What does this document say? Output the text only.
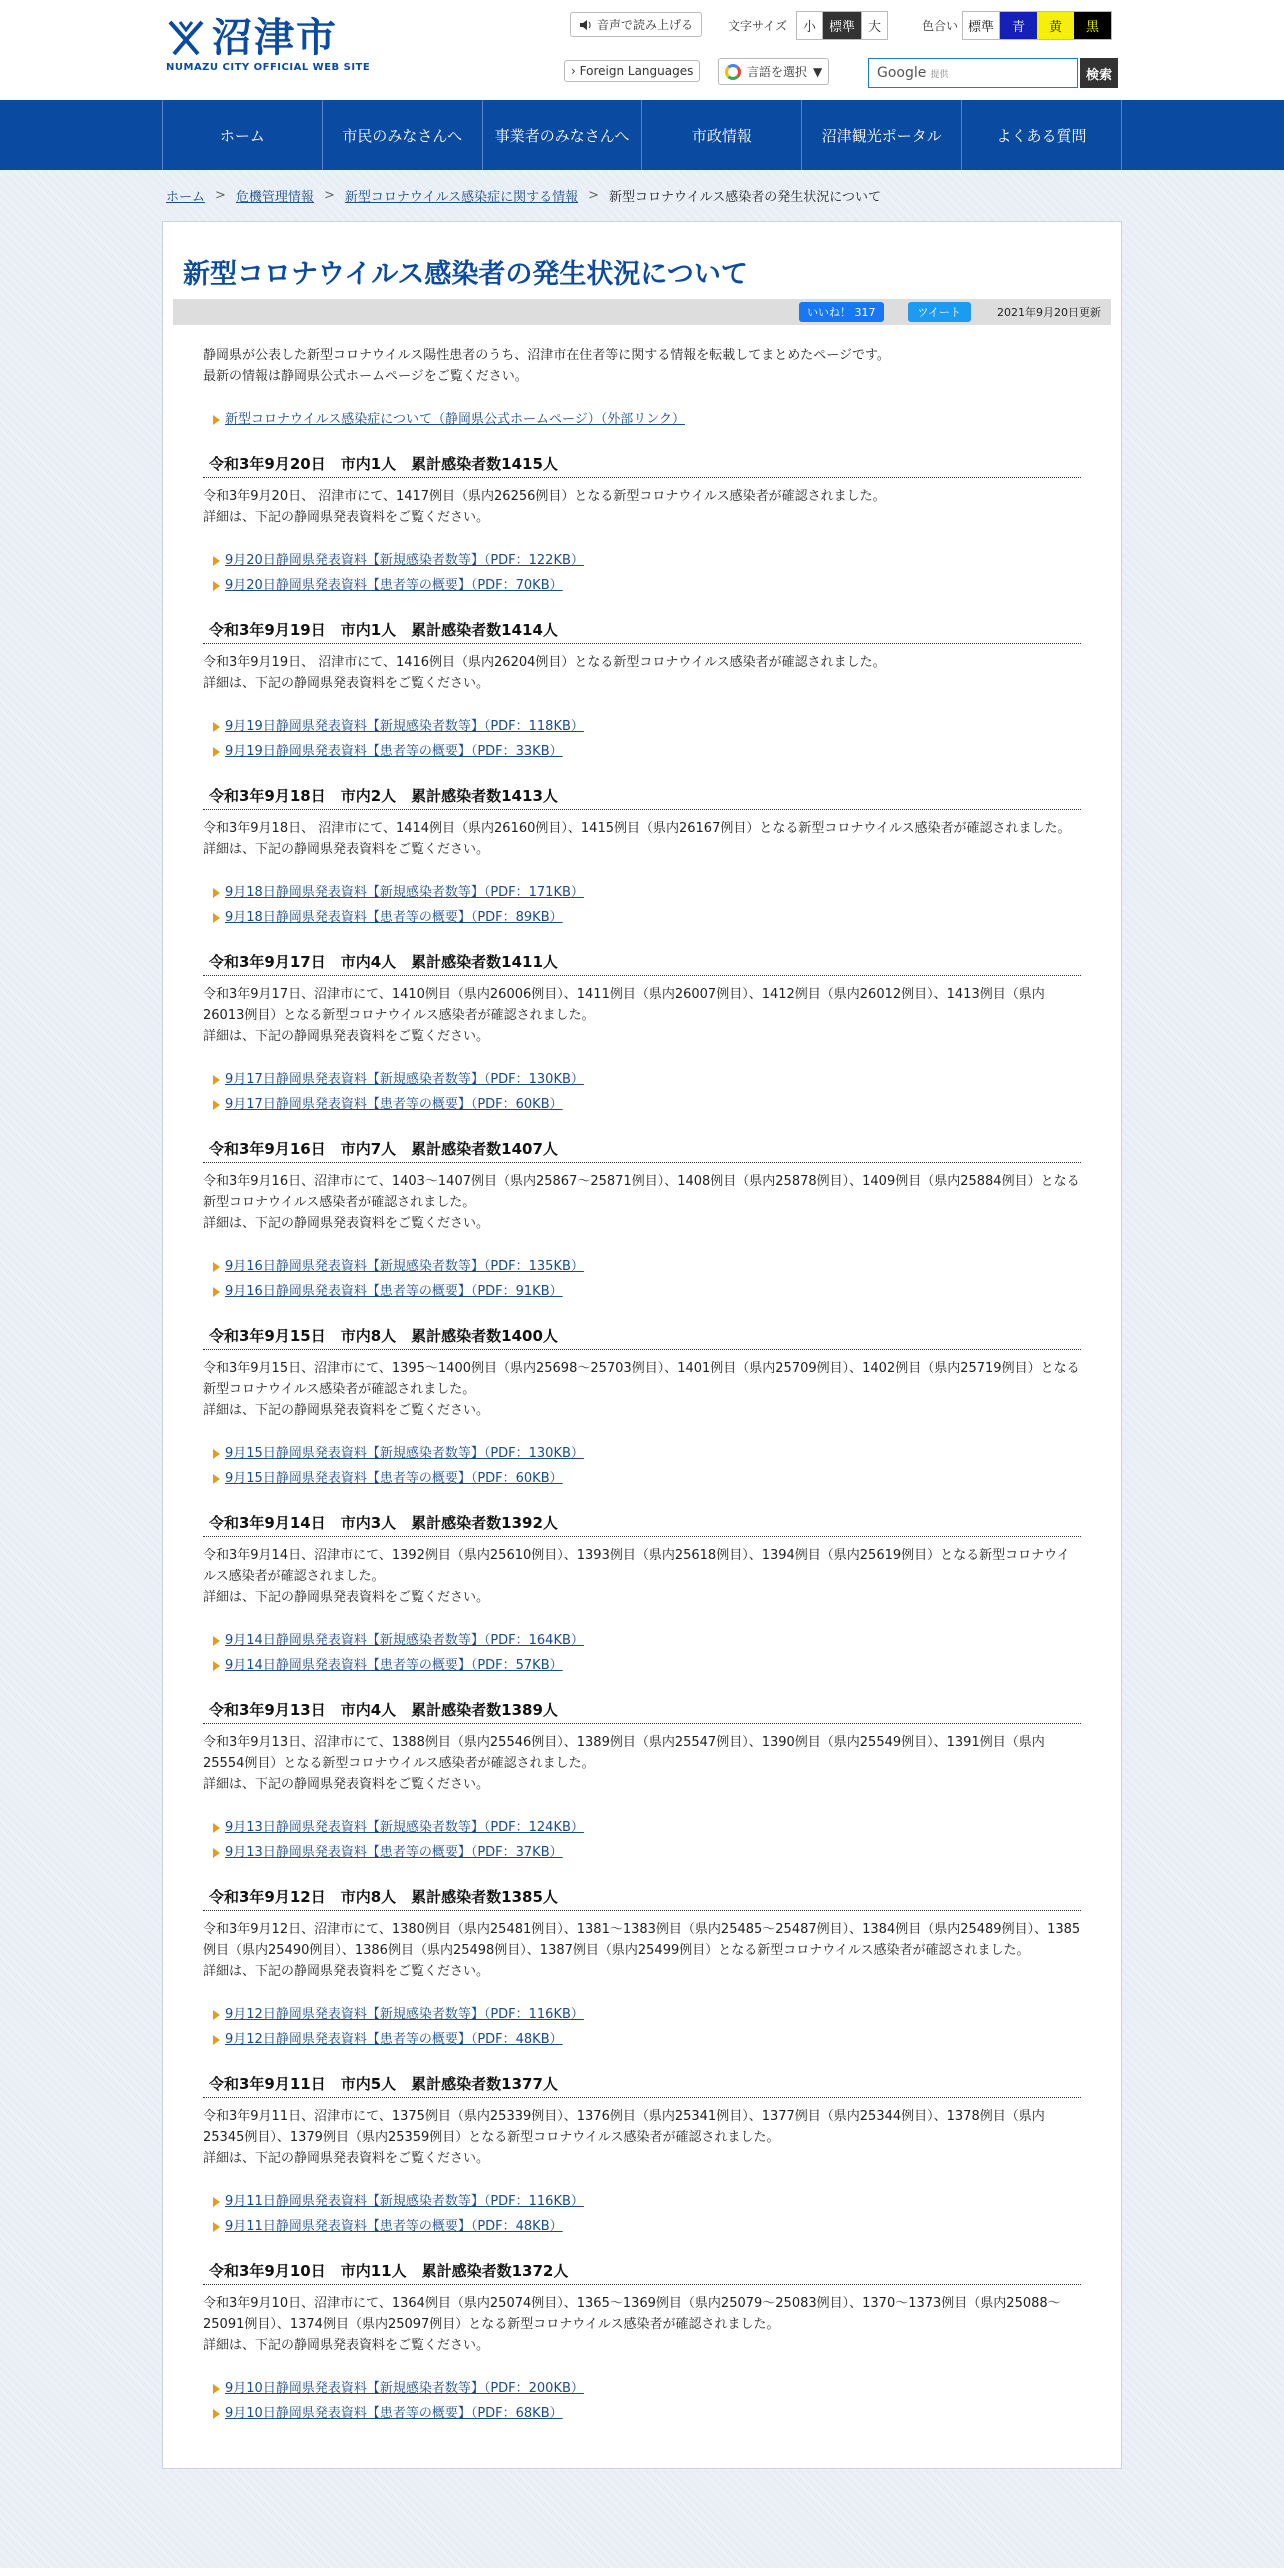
沼津市
NUMAZU CITY OFFICIAL WEB SITE
音声で読み上げる	文字サイズ	小	標準	大	色合い 標準	青	黄	黒
› Foreign Languages	言語を選択 ▼	Google 提供	検索
ホーム	市民のみなさんへ	事業者のみなさんへ	市政情報	沼津観光ポータル	よくある質問
ホーム > 危機管理情報 > 新型コロナウイルス感染症に関する情報 > 新型コロナウイルス感染者の発生状況について
新型コロナウイルス感染者の発生状況について
いいね！ 317	ツイート	2021年9月20日更新

静岡県が公表した新型コロナウイルス陽性患者のうち、沼津市在住者等に関する情報を転載してまとめたページです。

最新の情報は静岡県公式ホームページをご覧ください。

新型コロナウイルス感染症について（静岡県公式ホームページ）（外部リンク）
令和3年9月20日　市内1人　累計感染者数1415人

令和3年9月20日、 沼津市にて、1417例目（県内26256例目）となる新型コロナウイルス感染者が確認されました。

詳細は、下記の静岡県発表資料をご覧ください。

9月20日静岡県発表資料【新規感染者数等】（PDF：122KB）
9月20日静岡県発表資料【患者等の概要】（PDF：70KB）
令和3年9月19日　市内1人　累計感染者数1414人

令和3年9月19日、 沼津市にて、1416例目（県内26204例目）となる新型コロナウイルス感染者が確認されました。

詳細は、下記の静岡県発表資料をご覧ください。

9月19日静岡県発表資料【新規感染者数等】（PDF：118KB）
9月19日静岡県発表資料【患者等の概要】（PDF：33KB）
令和3年9月18日　市内2人　累計感染者数1413人

令和3年9月18日、 沼津市にて、1414例目（県内26160例目）、1415例目（県内26167例目）となる新型コロナウイルス感染者が確認されました。

詳細は、下記の静岡県発表資料をご覧ください。

9月18日静岡県発表資料【新規感染者数等】（PDF：171KB）
9月18日静岡県発表資料【患者等の概要】（PDF：89KB）
令和3年9月17日　市内4人　累計感染者数1411人

令和3年9月17日、沼津市にて、1410例目（県内26006例目）、1411例目（県内26007例目）、1412例目（県内26012例目）、1413例目（県内26013例目）となる新型コロナウイルス感染者が確認されました。

詳細は、下記の静岡県発表資料をご覧ください。

9月17日静岡県発表資料【新規感染者数等】（PDF：130KB）
9月17日静岡県発表資料【患者等の概要】（PDF：60KB）
令和3年9月16日　市内7人　累計感染者数1407人

令和3年9月16日、沼津市にて、1403～1407例目（県内25867～25871例目）、1408例目（県内25878例目）、1409例目（県内25884例目）となる新型コロナウイルス感染者が確認されました。

詳細は、下記の静岡県発表資料をご覧ください。

9月16日静岡県発表資料【新規感染者数等】（PDF：135KB）
9月16日静岡県発表資料【患者等の概要】（PDF：91KB）
令和3年9月15日　市内8人　累計感染者数1400人

令和3年9月15日、沼津市にて、1395～1400例目（県内25698～25703例目）、1401例目（県内25709例目）、1402例目（県内25719例目）となる新型コロナウイルス感染者が確認されました。

詳細は、下記の静岡県発表資料をご覧ください。

9月15日静岡県発表資料【新規感染者数等】（PDF：130KB）
9月15日静岡県発表資料【患者等の概要】（PDF：60KB）
令和3年9月14日　市内3人　累計感染者数1392人

令和3年9月14日、沼津市にて、1392例目（県内25610例目）、1393例目（県内25618例目）、1394例目（県内25619例目）となる新型コロナウイルス感染者が確認されました。

詳細は、下記の静岡県発表資料をご覧ください。

9月14日静岡県発表資料【新規感染者数等】（PDF：164KB）
9月14日静岡県発表資料【患者等の概要】（PDF：57KB）
令和3年9月13日　市内4人　累計感染者数1389人

令和3年9月13日、沼津市にて、1388例目（県内25546例目）、1389例目（県内25547例目）、1390例目（県内25549例目）、1391例目（県内25554例目）となる新型コロナウイルス感染者が確認されました。

詳細は、下記の静岡県発表資料をご覧ください。

9月13日静岡県発表資料【新規感染者数等】（PDF：124KB）
9月13日静岡県発表資料【患者等の概要】（PDF：37KB）
令和3年9月12日　市内8人　累計感染者数1385人

令和3年9月12日、沼津市にて、1380例目（県内25481例目）、1381～1383例目（県内25485～25487例目）、1384例目（県内25489例目）、1385例目（県内25490例目）、1386例目（県内25498例目）、1387例目（県内25499例目）となる新型コロナウイルス感染者が確認されました。

詳細は、下記の静岡県発表資料をご覧ください。

9月12日静岡県発表資料【新規感染者数等】（PDF：116KB）
9月12日静岡県発表資料【患者等の概要】（PDF：48KB）
令和3年9月11日　市内5人　累計感染者数1377人

令和3年9月11日、沼津市にて、1375例目（県内25339例目）、1376例目（県内25341例目）、1377例目（県内25344例目）、1378例目（県内25345例目）、1379例目（県内25359例目）となる新型コロナウイルス感染者が確認されました。

詳細は、下記の静岡県発表資料をご覧ください。

9月11日静岡県発表資料【新規感染者数等】（PDF：116KB）
9月11日静岡県発表資料【患者等の概要】（PDF：48KB）
令和3年9月10日　市内11人　累計感染者数1372人

令和3年9月10日、沼津市にて、1364例目（県内25074例目）、1365～1369例目（県内25079～25083例目）、1370～1373例目（県内25088～25091例目）、1374例目（県内25097例目）となる新型コロナウイルス感染者が確認されました。

詳細は、下記の静岡県発表資料をご覧ください。

9月10日静岡県発表資料【新規感染者数等】（PDF：200KB）
9月10日静岡県発表資料【患者等の概要】（PDF：68KB）
